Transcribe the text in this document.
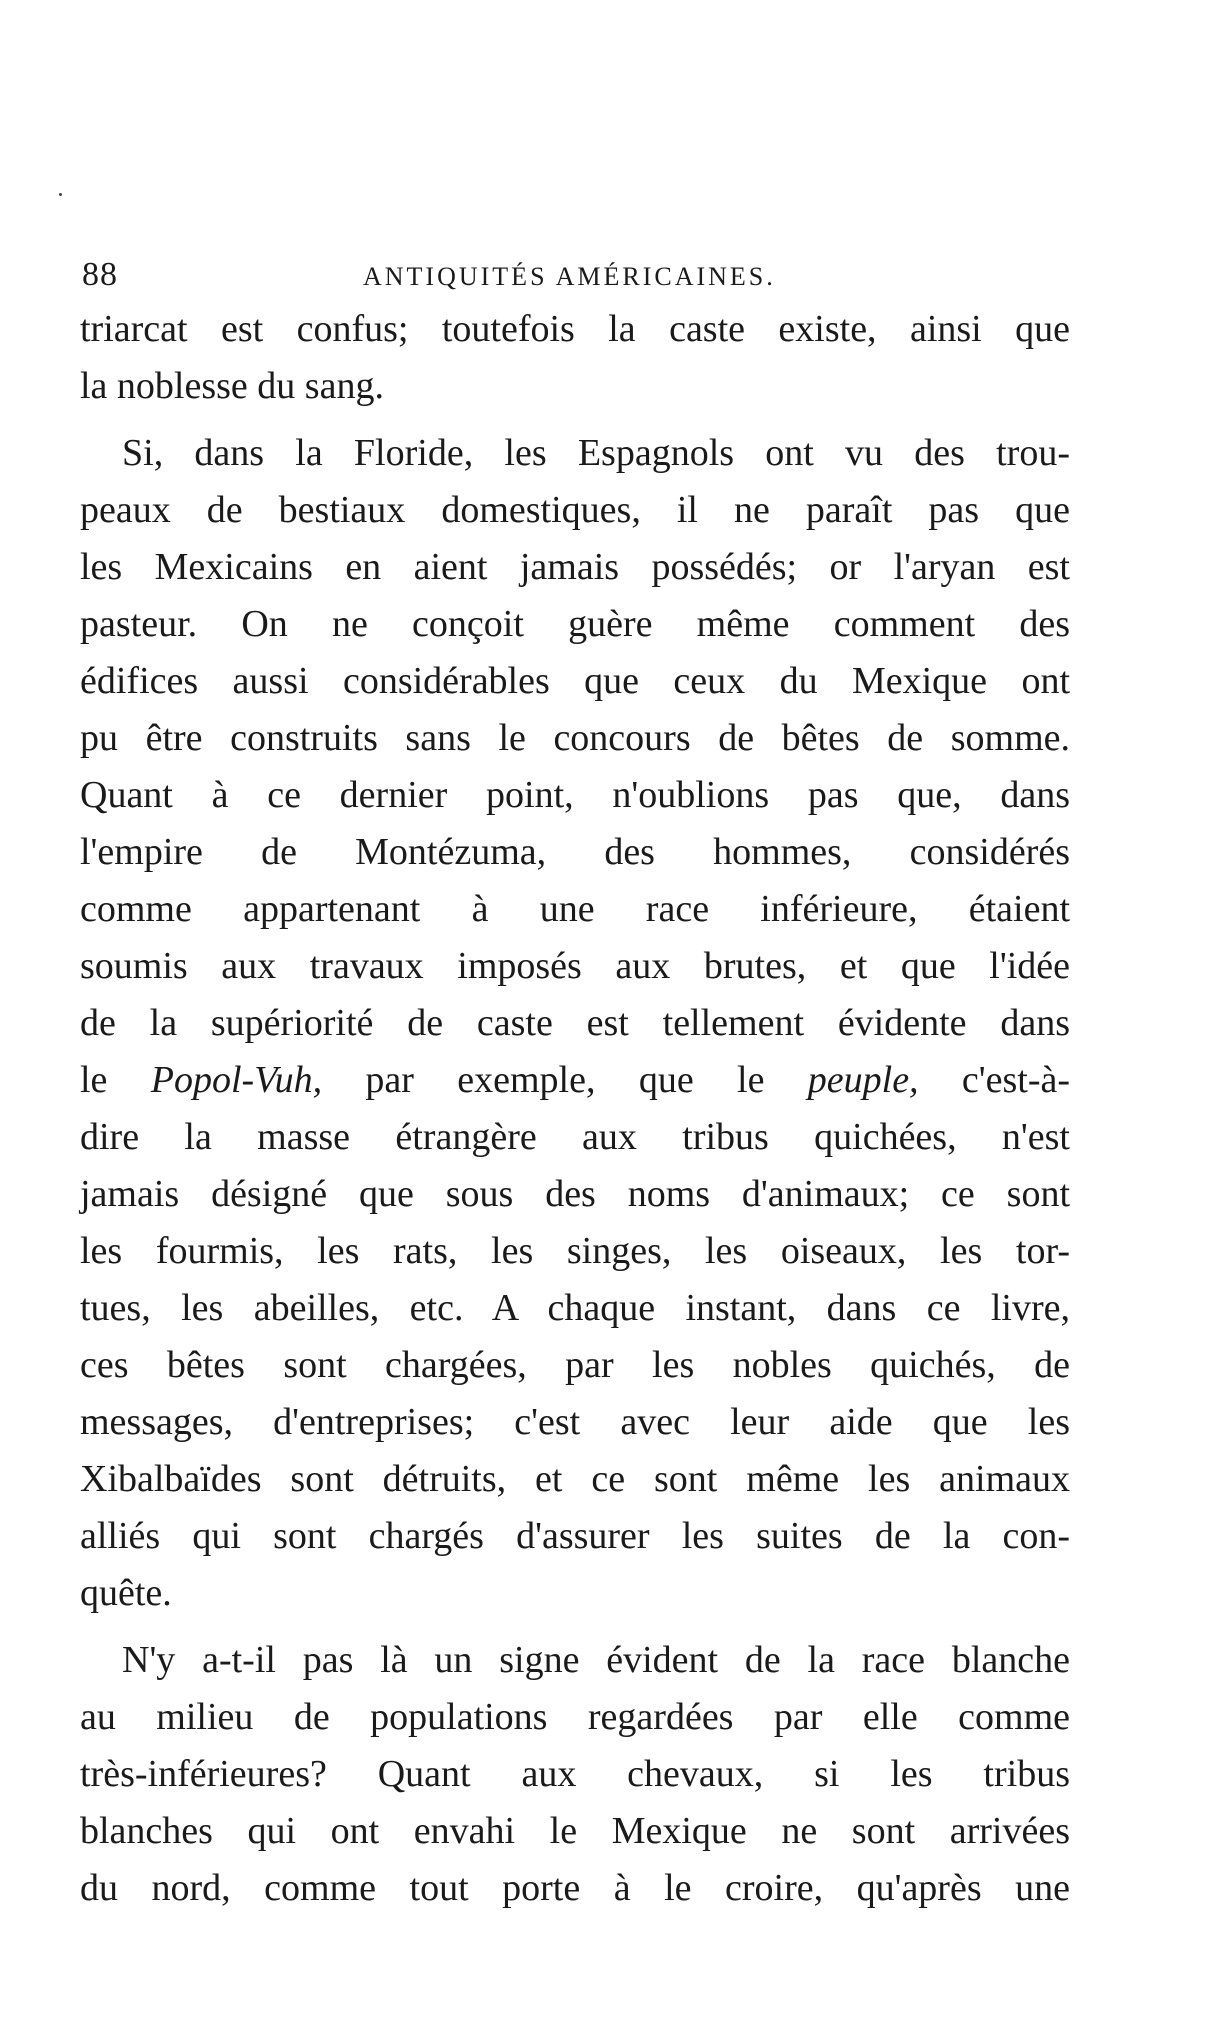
88	ANTIQUITÉS AMÉRICAINES.
triarcat est confus; toutefois la caste existe, ainsi que
la noblesse du sang.
Si, dans la Floride, les Espagnols ont vu des trou-
peaux de bestiaux domestiques, il ne paraît pas que
les Mexicains en aient jamais possédés; or l'aryan est
pasteur. On ne conçoit guère même comment des
édifices aussi considérables que ceux du Mexique ont
pu être construits sans le concours de bêtes de somme.
Quant à ce dernier point, n'oublions pas que, dans
l'empire de Montézuma, des hommes, considérés
comme appartenant à une race inférieure, étaient
soumis aux travaux imposés aux brutes, et que l'idée
de la supériorité de caste est tellement évidente dans
le Popol-Vuh, par exemple, que le peuple, c'est-à-
dire la masse étrangère aux tribus quichées, n'est
jamais désigné que sous des noms d'animaux; ce sont
les fourmis, les rats, les singes, les oiseaux, les tor-
tues, les abeilles, etc. A chaque instant, dans ce livre,
ces bêtes sont chargées, par les nobles quichés, de
messages, d'entreprises; c'est avec leur aide que les
Xibalbaïdes sont détruits, et ce sont même les animaux
alliés qui sont chargés d'assurer les suites de la con-
quête.
N'y a-t-il pas là un signe évident de la race blanche
au milieu de populations regardées par elle comme
très-inférieures? Quant aux chevaux, si les tribus
blanches qui ont envahi le Mexique ne sont arrivées
du nord, comme tout porte à le croire, qu'après une
